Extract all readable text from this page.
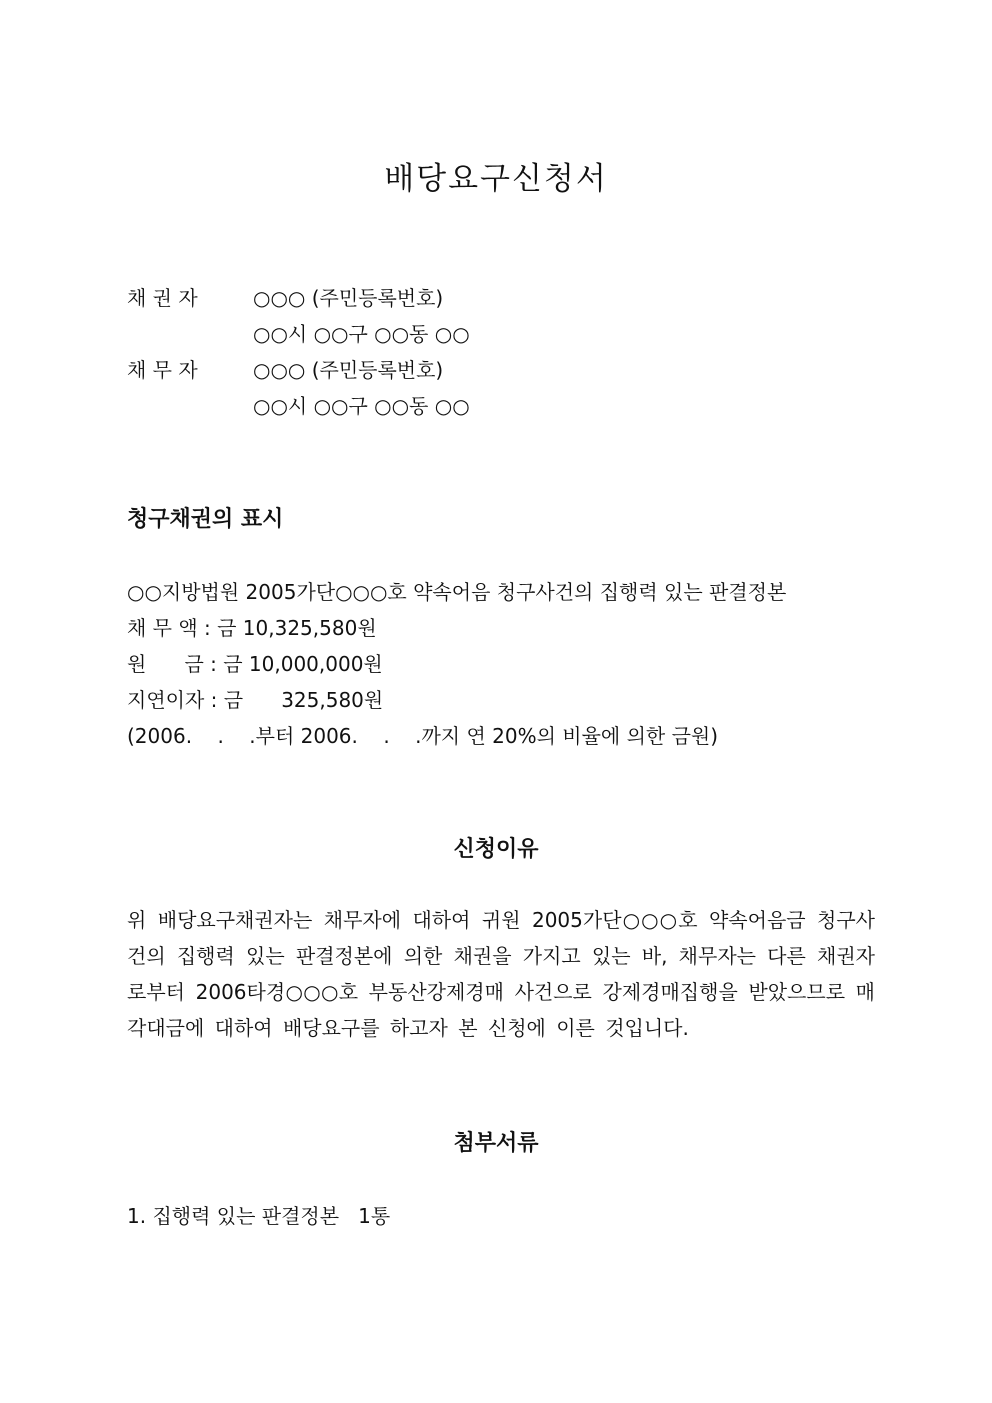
배당요구신청서
채 권 자	○○○ (주민등록번호)
○○시 ○○구 ○○동 ○○
채 무 자	○○○ (주민등록번호)
○○시 ○○구 ○○동 ○○
청구채권의 표시
○○지방법원 2005가단○○○호 약속어음 청구사건의 집행력 있는 판결정본
채 무 액 : 금 10,325,580원
원      금 : 금 10,000,000원
지연이자 : 금      325,580원
(2006.    .    .부터 2006.    .    .까지 연 20%의 비율에 의한 금원)
신청이유
위 배당요구채권자는 채무자에 대하여 귀원 2005가단○○○호 약속어음금 청구사건의 집행력 있는 판결정본에 의한 채권을 가지고 있는 바, 채무자는 다른 채권자로부터 2006타경○○○호 부동산강제경매 사건으로 강제경매집행을 받았으므로 매각대금에 대하여 배당요구를 하고자 본 신청에 이른 것입니다.
첨부서류
1. 집행력 있는 판결정본   1통
